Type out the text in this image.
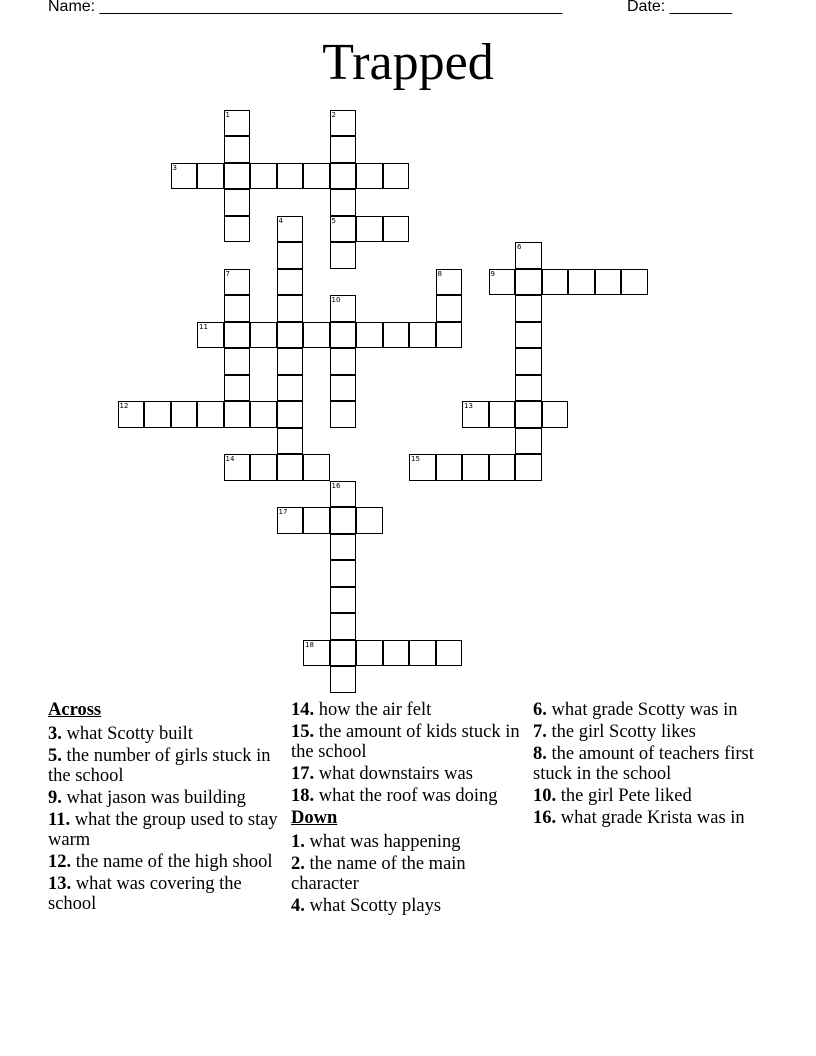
Name: ____________________________________________________	Date: _______
Trapped
1	2
5
3
4
6
7	8	9
10
11
12	13
14	15
16
17
18
Across
3. what Scotty built
5. the number of girls stuck in the school
9. what jason was building
11. what the group used to stay warm
12. the name of the high shool
13. what was covering the school
14. how the air felt
15. the amount of kids stuck in the school
17. what downstairs was
18. what the roof was doing
Down
1. what was happening
2. the name of the main character
4. what Scotty plays
6. what grade Scotty was in
7. the girl Scotty likes
8. the amount of teachers first stuck in the school
10. the girl Pete liked
16. what grade Krista was in
